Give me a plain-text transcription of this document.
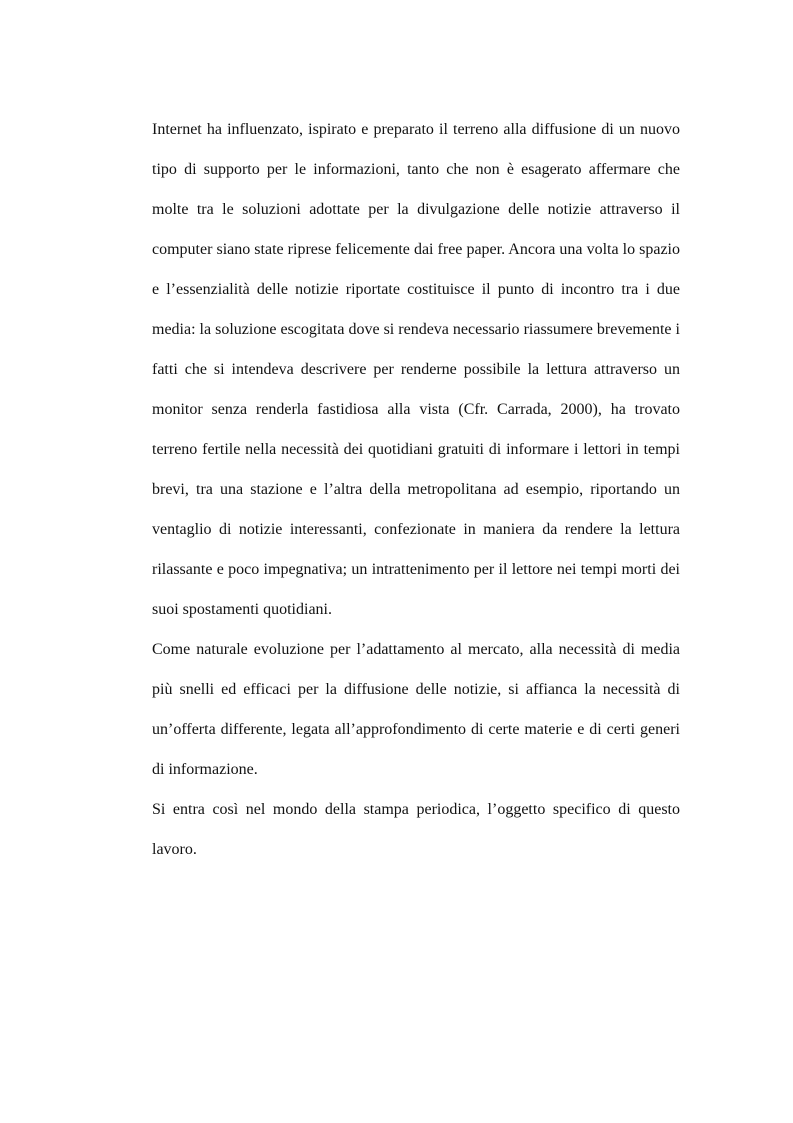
Internet ha influenzato, ispirato e preparato il terreno alla diffusione di un nuovo tipo di supporto per le informazioni, tanto che non è esagerato affermare che molte tra le soluzioni adottate per la divulgazione delle notizie attraverso il computer siano state riprese felicemente dai free paper. Ancora una volta lo spazio e l’essenzialità delle notizie riportate costituisce il punto di incontro tra i due media: la soluzione escogitata dove si rendeva necessario riassumere brevemente i fatti che si intendeva descrivere per renderne possibile la lettura attraverso un monitor senza renderla fastidiosa alla vista (Cfr. Carrada, 2000), ha trovato terreno fertile nella necessità dei quotidiani gratuiti di informare i lettori in tempi brevi, tra una stazione e l’altra della metropolitana ad esempio, riportando un ventaglio di notizie interessanti, confezionate in maniera da rendere la lettura rilassante e poco impegnativa; un intrattenimento per il lettore nei tempi morti dei suoi spostamenti quotidiani.

Come naturale evoluzione per l’adattamento al mercato, alla necessità di media più snelli ed efficaci per la diffusione delle notizie, si affianca la necessità di un’offerta differente, legata all’approfondimento di certe materie e di certi generi di informazione.

Si entra così nel mondo della stampa periodica, l’oggetto specifico di questo lavoro.
